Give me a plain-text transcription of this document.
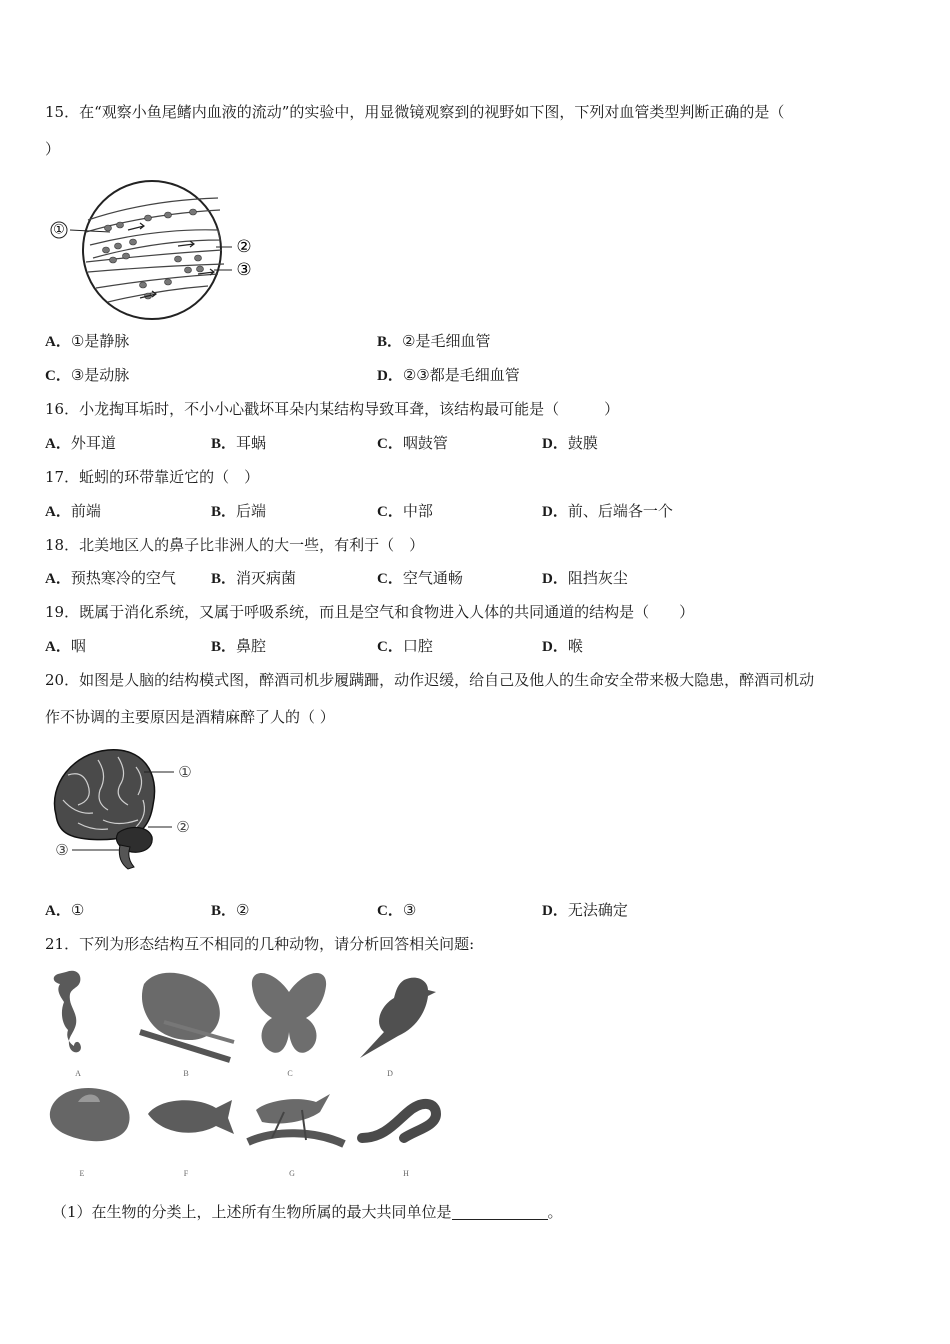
15．在“观察小鱼尾鳍内血液的流动”的实验中，用显微镜观察到的视野如下图，下列对血管类型判断正确的是（
）
①
②
③
A．①是静脉	B．②是毛细血管
C．③是动脉	D．②③都是毛细血管
16．小龙掏耳垢时，不小小心戳坏耳朵内某结构导致耳聋，该结构最可能是（　　　）
A．外耳道	B．耳蜗	C．咽鼓管	D．鼓膜
17．蚯蚓的环带靠近它的（　）
A．前端	B．后端	C．中部	D．前、后端各一个
18．北美地区人的鼻子比非洲人的大一些，有利于（　）
A．预热寒冷的空气 B．消灭病菌	C．空气通畅	D．阻挡灰尘
19．既属于消化系统，又属于呼吸系统，而且是空气和食物进入人体的共同通道的结构是（　　）
A．咽	B．鼻腔	C．口腔	D．喉
20．如图是人脑的结构模式图，醉酒司机步履蹒跚，动作迟缓，给自己及他人的生命安全带来极大隐患，醉酒司机动
作不协调的主要原因是酒精麻醉了人的（ ）
①
②
③
A．①	B．②	C．③	D．无法确定
21．下列为形态结构互不相同的几种动物，请分析回答相关问题:
A	B	C	D
E	F	G	H
（1）在生物的分类上，上述所有生物所属的最大共同单位是	。
